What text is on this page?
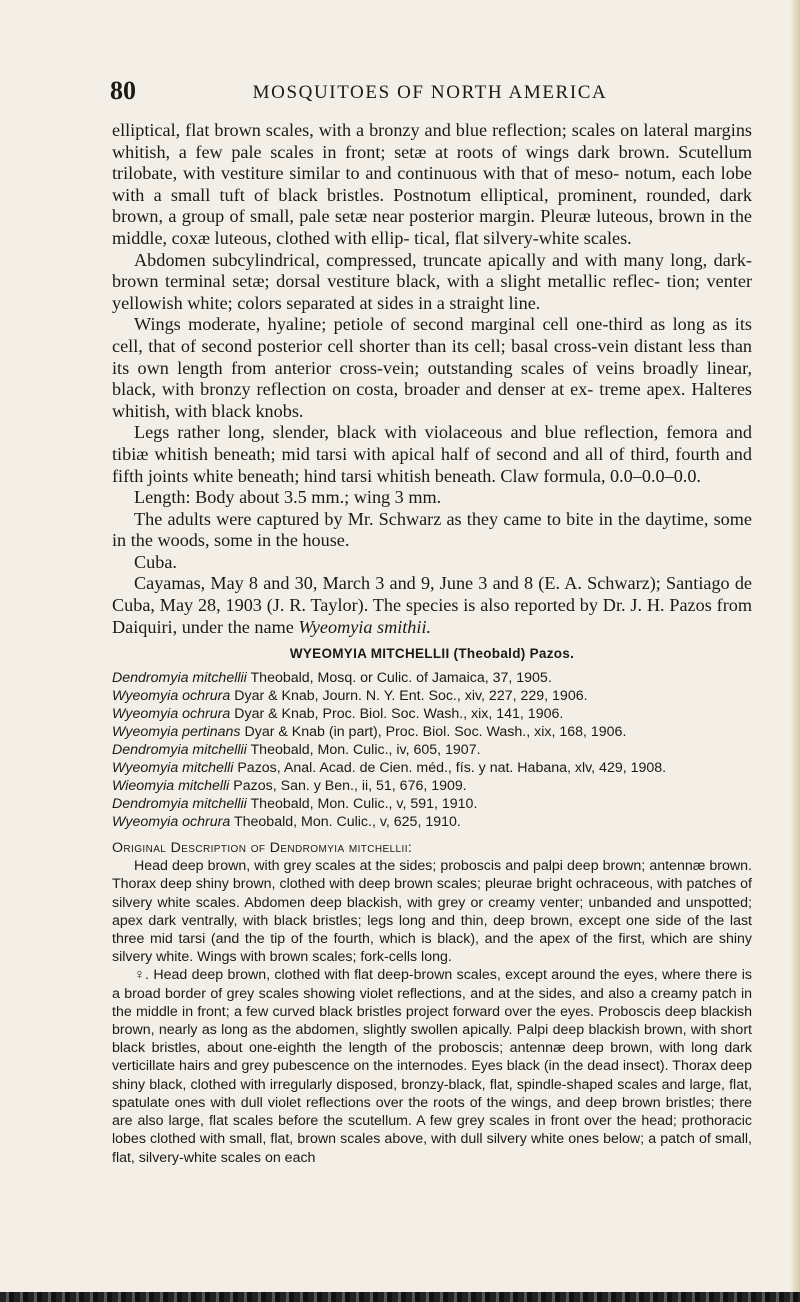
80	MOSQUITOES OF NORTH AMERICA

elliptical, flat brown scales, with a bronzy and blue reflection; scales on lateral margins whitish, a few pale scales in front; setæ at roots of wings dark brown. Scutellum trilobate, with vestiture similar to and continuous with that of meso- notum, each lobe with a small tuft of black bristles. Postnotum elliptical, prominent, rounded, dark brown, a group of small, pale setæ near posterior margin. Pleuræ luteous, brown in the middle, coxæ luteous, clothed with ellip- tical, flat silvery-white scales.

Abdomen subcylindrical, compressed, truncate apically and with many long, dark-brown terminal setæ; dorsal vestiture black, with a slight metallic reflec- tion; venter yellowish white; colors separated at sides in a straight line.

Wings moderate, hyaline; petiole of second marginal cell one-third as long as its cell, that of second posterior cell shorter than its cell; basal cross-vein distant less than its own length from anterior cross-vein; outstanding scales of veins broadly linear, black, with bronzy reflection on costa, broader and denser at ex- treme apex. Halteres whitish, with black knobs.

Legs rather long, slender, black with violaceous and blue reflection, femora and tibiæ whitish beneath; mid tarsi with apical half of second and all of third, fourth and fifth joints white beneath; hind tarsi whitish beneath. Claw formula, 0.0–0.0–0.0.

Length: Body about 3.5 mm.; wing 3 mm.

The adults were captured by Mr. Schwarz as they came to bite in the daytime, some in the woods, some in the house.

Cuba.

Cayamas, May 8 and 30, March 3 and 9, June 3 and 8 (E. A. Schwarz); Santiago de Cuba, May 28, 1903 (J. R. Taylor). The species is also reported by Dr. J. H. Pazos from Daiquiri, under the name Wyeomyia smithii.

WYEOMYIA MITCHELLII (Theobald) Pazos.
Dendromyia mitchellii Theobald, Mosq. or Culic. of Jamaica, 37, 1905.
Wyeomyia ochrura Dyar & Knab, Journ. N. Y. Ent. Soc., xiv, 227, 229, 1906.
Wyeomyia ochrura Dyar & Knab, Proc. Biol. Soc. Wash., xix, 141, 1906.
Wyeomyia pertinans Dyar & Knab (in part), Proc. Biol. Soc. Wash., xix, 168, 1906.
Dendromyia mitchellii Theobald, Mon. Culic., iv, 605, 1907.
Wyeomyia mitchelli Pazos, Anal. Acad. de Cien. méd., fís. y nat. Habana, xlv, 429, 1908.
Wieomyia mitchelli Pazos, San. y Ben., ii, 51, 676, 1909.
Dendromyia mitchellii Theobald, Mon. Culic., v, 591, 1910.
Wyeomyia ochrura Theobald, Mon. Culic., v, 625, 1910.
Original Description of Dendromyia mitchellii:

Head deep brown, with grey scales at the sides; proboscis and palpi deep brown; antennæ brown. Thorax deep shiny brown, clothed with deep brown scales; pleurae bright ochraceous, with patches of silvery white scales. Abdomen deep blackish, with grey or creamy venter; unbanded and unspotted; apex dark ventrally, with black bristles; legs long and thin, deep brown, except one side of the last three mid tarsi (and the tip of the fourth, which is black), and the apex of the first, which are shiny silvery white. Wings with brown scales; fork-cells long.

♀. Head deep brown, clothed with flat deep-brown scales, except around the eyes, where there is a broad border of grey scales showing violet reflections, and at the sides, and also a creamy patch in the middle in front; a few curved black bristles project forward over the eyes. Proboscis deep blackish brown, nearly as long as the abdomen, slightly swollen apically. Palpi deep blackish brown, with short black bristles, about one-eighth the length of the proboscis; antennæ deep brown, with long dark verticillate hairs and grey pubescence on the internodes. Eyes black (in the dead insect). Thorax deep shiny black, clothed with irregularly disposed, bronzy-black, flat, spindle-shaped scales and large, flat, spatulate ones with dull violet reflections over the roots of the wings, and deep brown bristles; there are also large, flat scales before the scutellum. A few grey scales in front over the head; prothoracic lobes clothed with small, flat, brown scales above, with dull silvery white ones below; a patch of small, flat, silvery-white scales on each
